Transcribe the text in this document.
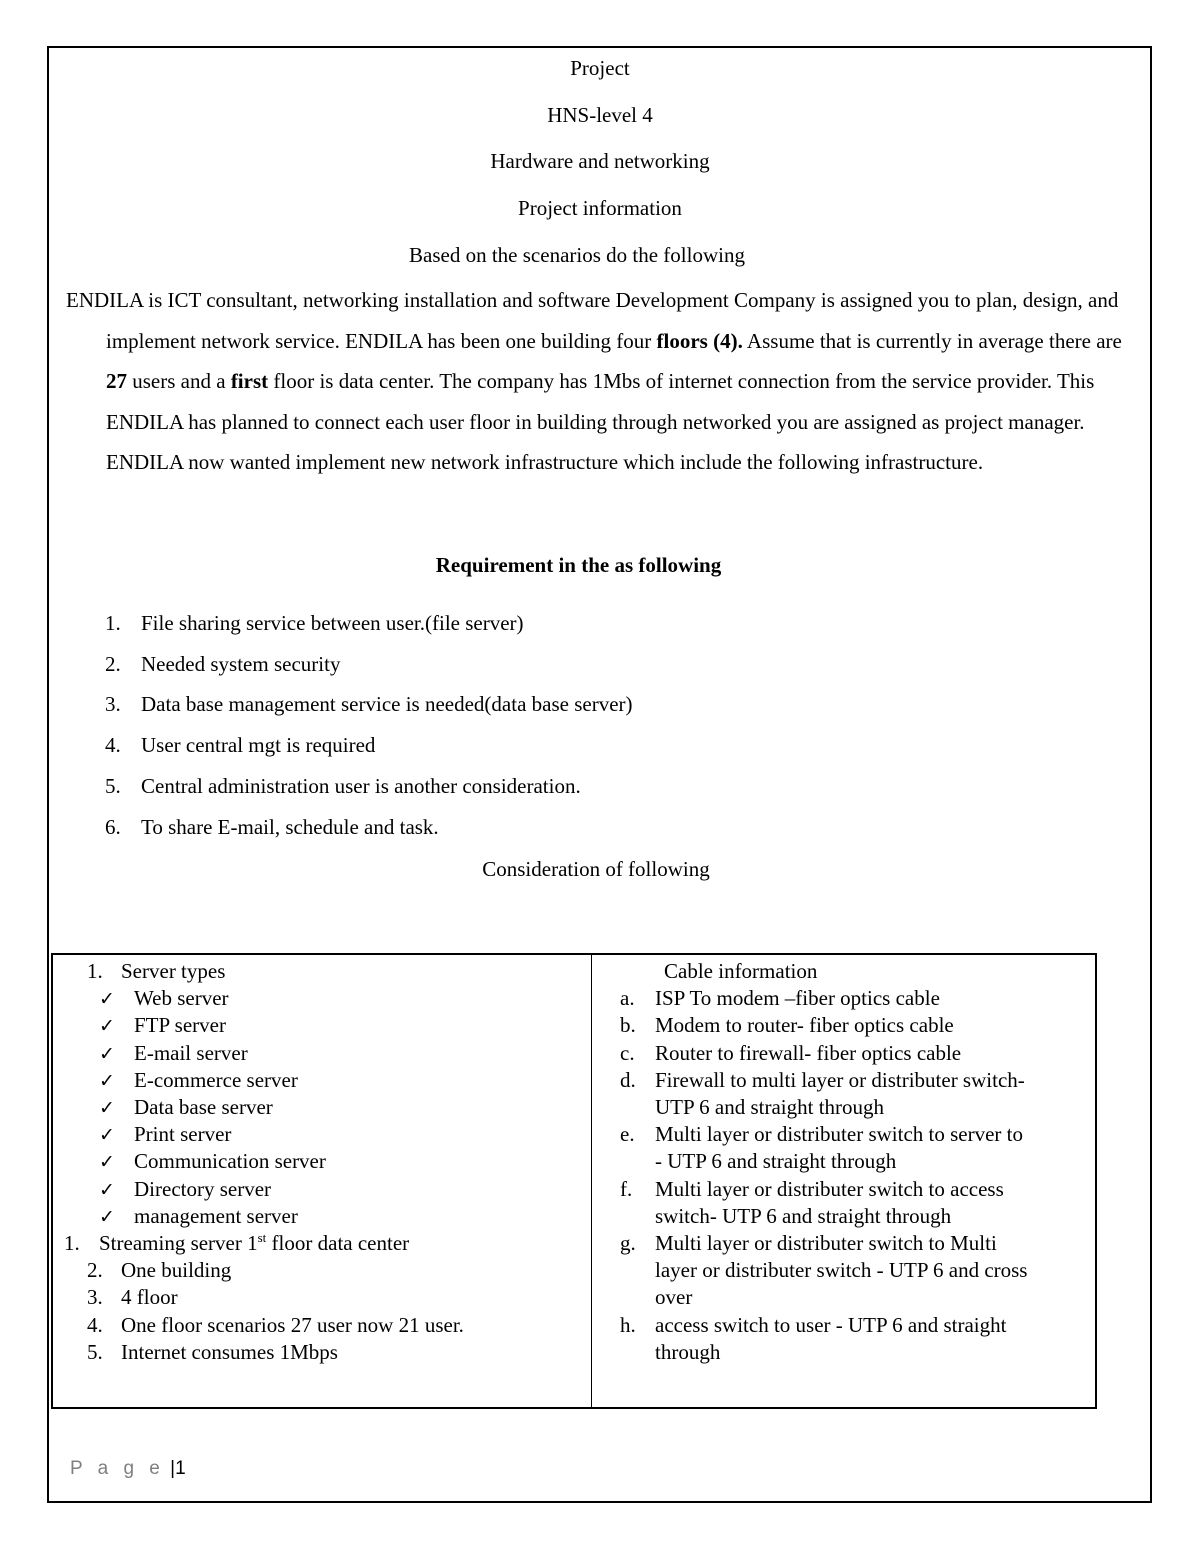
Project
HNS-level 4
Hardware and networking
Project information
Based on the scenarios do the following
ENDILA is ICT consultant, networking installation and software Development Company is assigned you to plan, design, and implement network service. ENDILA has been one building four floors (4). Assume that is currently in average there are 27 users and a first floor is data center. The company has 1Mbs of internet connection from the service provider. This ENDILA has planned to connect each user floor in building through networked you are assigned as project manager. ENDILA now wanted implement new network infrastructure which include the following infrastructure.
Requirement in the as following
1. File sharing service between user.(file server)
2. Needed system security
3. Data base management service is needed(data base server)
4. User central mgt is required
5. Central administration user is another consideration.
6. To share E-mail, schedule and task.
Consideration of following
1. Server types
✓ Web server
✓ FTP server
✓ E-mail server
✓ E-commerce server
✓ Data base server
✓ Print server
✓ Communication server
✓ Directory server
✓ management server
1. Streaming server 1st floor data center
2. One building
3. 4 floor
4. One floor scenarios 27 user now 21 user.
5. Internet consumes 1Mbps
Cable information
a. ISP To modem –fiber optics cable
b. Modem to router- fiber optics cable
c. Router to firewall- fiber optics cable
d. Firewall to multi layer or distributer switch-
UTP 6 and straight through
e. Multi layer or distributer switch to server to
- UTP 6 and straight through
f. Multi layer or distributer switch to access
switch- UTP 6 and straight through
g. Multi layer or distributer switch to Multi
layer or distributer switch - UTP 6 and cross
over
h. access switch to user - UTP 6 and straight
through
P a g e |1
